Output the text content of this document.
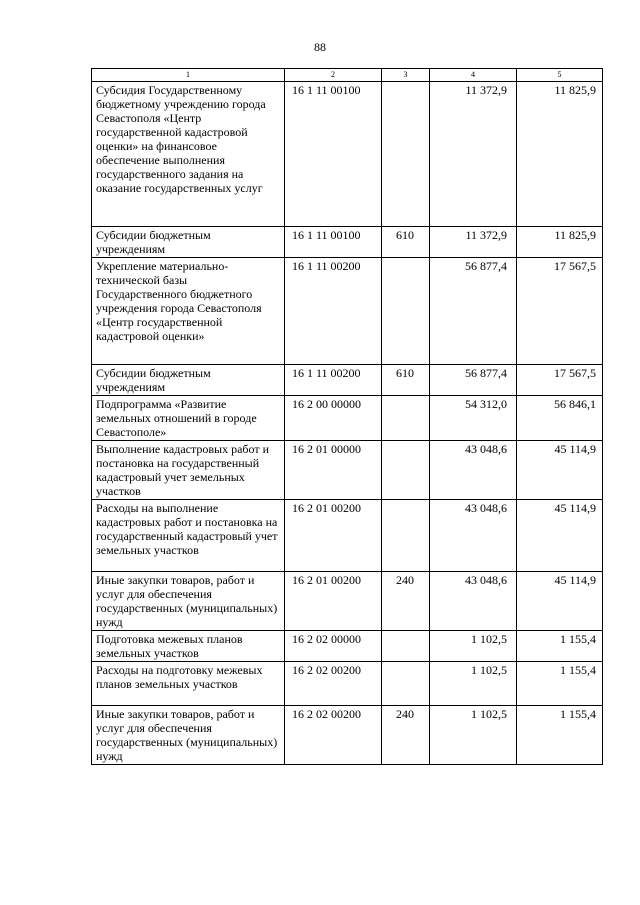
88
1	2	3	4	5
Субсидия Государственному бюджетному учреждению города Севастополя «Центр государственной кадастровой оценки» на финансовое обеспечение выполнения государственного задания на оказание государственных услуг	16 1 11 00100		11 372,9	11 825,9
Субсидии бюджетным учреждениям	16 1 11 00100	610	11 372,9	11 825,9
Укрепление материально-технической базы Государственного бюджетного учреждения города Севастополя «Центр государственной кадастровой оценки»	16 1 11 00200		56 877,4	17 567,5
Субсидии бюджетным учреждениям	16 1 11 00200	610	56 877,4	17 567,5
Подпрограмма «Развитие земельных отношений в городе Севастополе»	16 2 00 00000		54 312,0	56 846,1
Выполнение кадастровых работ и постановка на государственный кадастровый учет земельных участков	16 2 01 00000		43 048,6	45 114,9
Расходы на выполнение кадастровых работ и постановка на государственный кадастровый учет земельных участков	16 2 01 00200		43 048,6	45 114,9
Иные закупки товаров, работ и услуг для обеспечения государственных (муниципальных) нужд	16 2 01 00200	240	43 048,6	45 114,9
Подготовка межевых планов земельных участков	16 2 02 00000		1 102,5	1 155,4
Расходы на подготовку межевых планов земельных участков	16 2 02 00200		1 102,5	1 155,4
Иные закупки товаров, работ и услуг для обеспечения государственных (муниципальных) нужд	16 2 02 00200	240	1 102,5	1 155,4
